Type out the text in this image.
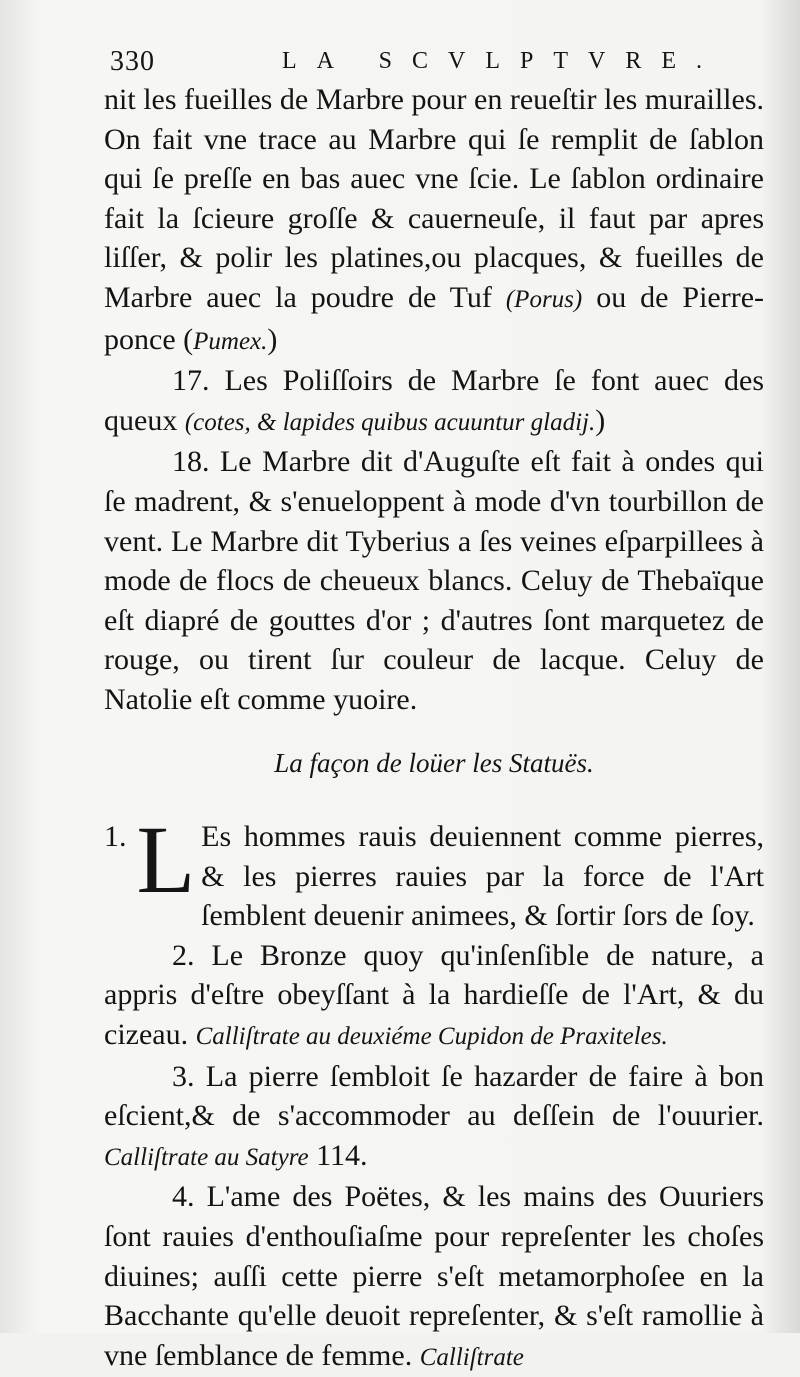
330	LA SCVLPTVRE.

nit les fueilles de Marbre pour en reueſtir les murailles. On fait vne trace au Marbre qui ſe remplit de ſablon qui ſe preſſe en bas auec vne ſcie. Le ſablon ordinaire fait la ſcieure groſſe & cauerneuſe, il faut par apres liſſer, & polir les platines,ou placques, & fueilles de Marbre auec la poudre de Tuf (Porus) ou de Pierre-ponce (Pumex.)

17. Les Poliſſoirs de Marbre ſe font auec des queux (cotes, & lapides quibus acuuntur gladij.)

18. Le Marbre dit d'Auguſte eſt fait à ondes qui ſe madrent, & s'enueloppent à mode d'vn tourbillon de vent. Le Marbre dit Tyberius a ſes veines eſparpillees à mode de flocs de cheueux blancs. Celuy de Thebaïque eſt diapré de gouttes d'or ; d'autres ſont marquetez de rouge, ou tirent ſur couleur de lacque. Celuy de Natolie eſt comme yuoire.

La façon de loüer les Statuës.

1. L Es hommes rauis deuiennent comme pierres, & les pierres rauies par la force de l'Art ſemblent deuenir animees, & ſortir ſors de ſoy.

2. Le Bronze quoy qu'inſenſible de nature, a appris d'eſtre obeyſſant à la hardieſſe de l'Art, & du cizeau. Calliſtrate au deuxiéme Cupidon de Praxiteles.

3. La pierre ſembloit ſe hazarder de faire à bon eſcient,& de s'accommoder au deſſein de l'ouurier. Calliſtrate au Satyre 114.

4. L'ame des Poëtes, & les mains des Ouuriers ſont rauies d'enthouſiaſme pour repreſenter les choſes diuines; auſſi cette pierre s'eſt metamorphoſee en la Bacchante qu'elle deuoit repreſenter, & s'eſt ramollie à vne ſemblance de femme. Calliſtrate
